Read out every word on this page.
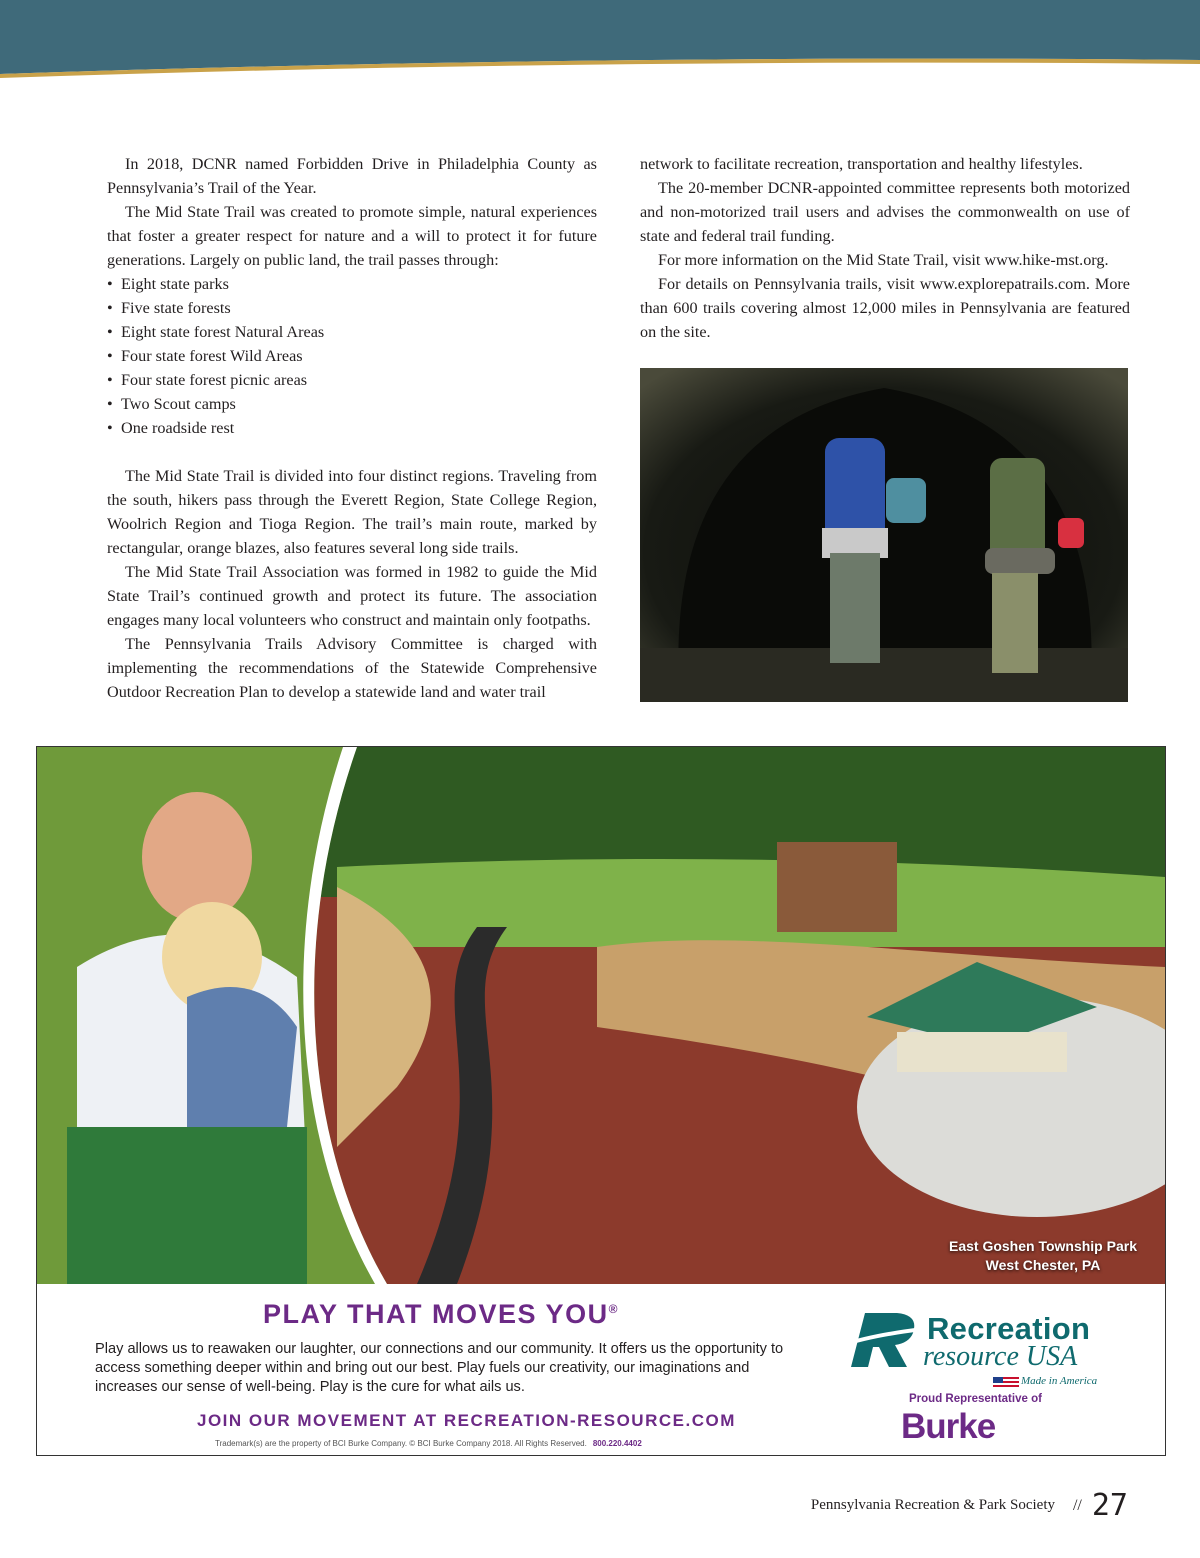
In 2018, DCNR named Forbidden Drive in Philadelphia County as Pennsylvania’s Trail of the Year.

The Mid State Trail was created to promote simple, natural experiences that foster a greater respect for nature and a will to protect it for future generations. Largely on public land, the trail passes through:

• Eight state parks
• Five state forests
• Eight state forest Natural Areas
• Four state forest Wild Areas
• Four state forest picnic areas
• Two Scout camps
• One roadside rest

The Mid State Trail is divided into four distinct regions. Traveling from the south, hikers pass through the Everett Region, State College Region, Woolrich Region and Tioga Region. The trail’s main route, marked by rectangular, orange blazes, also features several long side trails.

The Mid State Trail Association was formed in 1982 to guide the Mid State Trail’s continued growth and protect its future. The association engages many local volunteers who construct and maintain only footpaths.

The Pennsylvania Trails Advisory Committee is charged with implementing the recommendations of the Statewide Comprehensive Outdoor Recreation Plan to develop a statewide land and water trail

network to facilitate recreation, transportation and healthy lifestyles.

The 20-member DCNR-appointed committee represents both motorized and non-motorized trail users and advises the commonwealth on use of state and federal trail funding.

For more information on the Mid State Trail, visit www.hike-mst.org.

For details on Pennsylvania trails, visit www.explorepatrails.com. More than 600 trails covering almost 12,000 miles in Pennsylvania are featured on the site.

East Goshen Township Park
West Chester, PA
PLAY THAT MOVES YOU®
Play allows us to reawaken our laughter, our connections and our community. It offers us the opportunity to access something deeper within and bring out our best. Play fuels our creativity, our imaginations and increases our sense of well-being. Play is the cure for what ails us.
JOIN OUR MOVEMENT AT RECREATION-RESOURCE.COM
Trademark(s) are the property of BCI Burke Company. © BCI Burke Company 2018. All Rights Reserved. 800.220.4402
Recreation
resource USA
Made in America
Proud Representative of
Burke
Pennsylvania Recreation & Park Society // 27
